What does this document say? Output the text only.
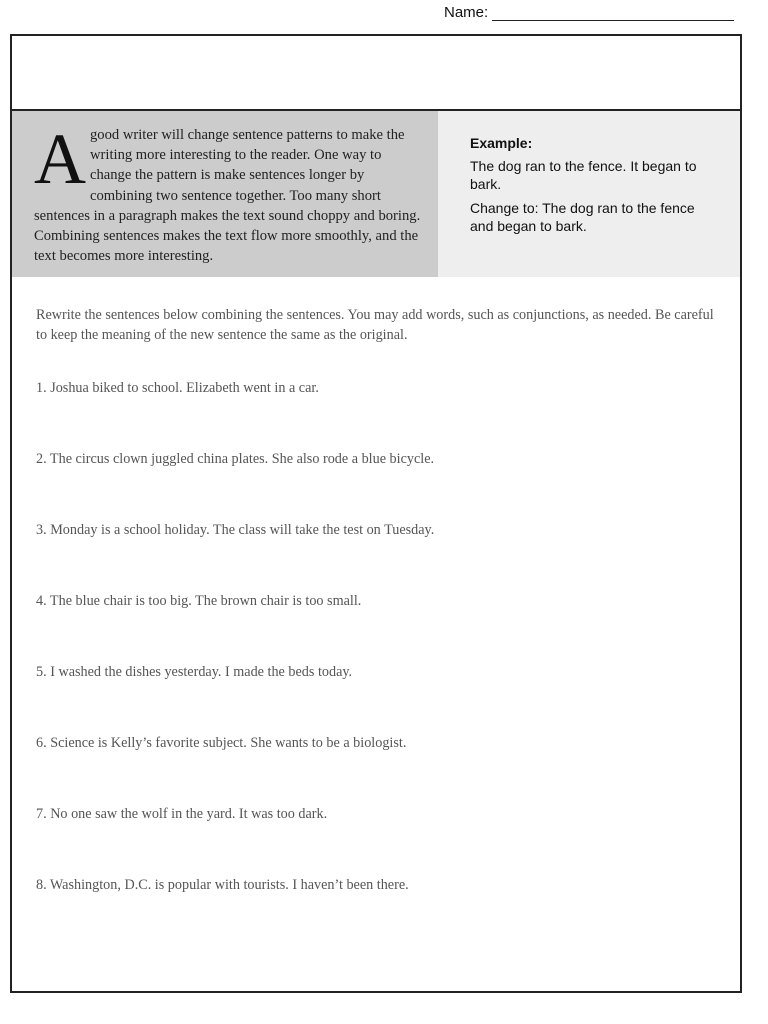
Name:
A good writer will change sentence patterns to make the writing more interesting to the reader. One way to change the pattern is make sentences longer by combining two sentence together. Too many short sentences in a paragraph makes the text sound choppy and boring. Combining sentences makes the text flow more smoothly, and the text becomes more interesting.
Example:
The dog ran to the fence. It began to bark.
Change to: The dog ran to the fence and began to bark.

Rewrite the sentences below combining the sentences. You may add words, such as conjunctions, as needed. Be careful to keep the meaning of the new sentence the same as the original.

1. Joshua biked to school. Elizabeth went in a car.

2. The circus clown juggled china plates. She also rode a blue bicycle.

3. Monday is a school holiday. The class will take the test on Tuesday.

4. The blue chair is too big. The brown chair is too small.

5. I washed the dishes yesterday. I made the beds today.

6. Science is Kelly’s favorite subject. She wants to be a biologist.

7. No one saw the wolf in the yard. It was too dark.

8. Washington, D.C. is popular with tourists. I haven’t been there.
